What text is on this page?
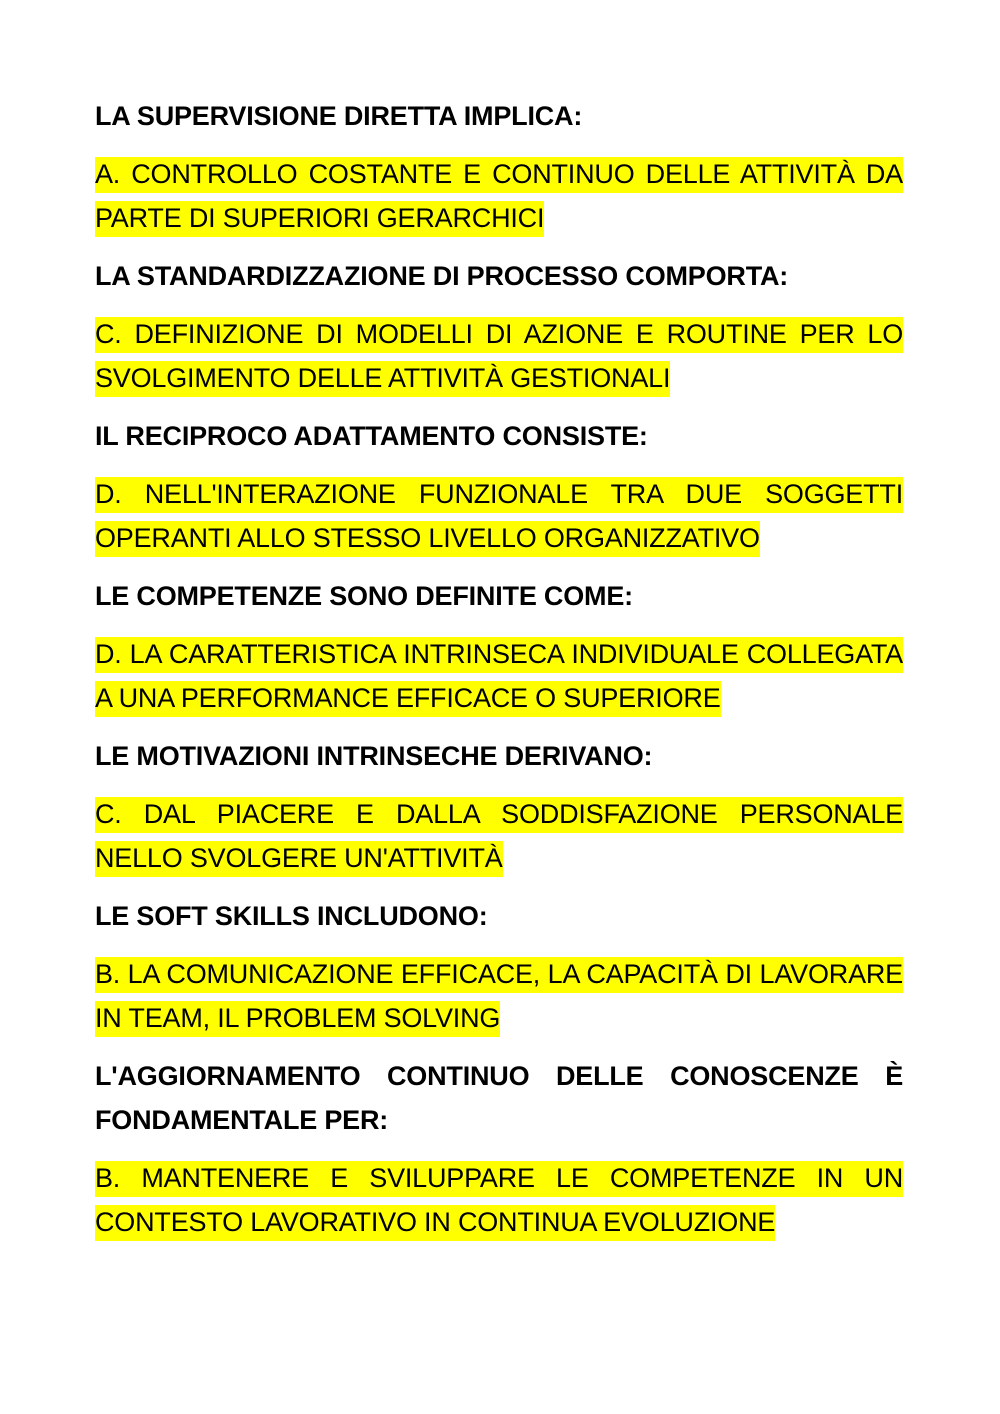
LA SUPERVISIONE DIRETTA IMPLICA:

A. CONTROLLO COSTANTE E CONTINUO DELLE ATTIVITÀ DA PARTE DI SUPERIORI GERARCHICI

LA STANDARDIZZAZIONE DI PROCESSO COMPORTA:

C. DEFINIZIONE DI MODELLI DI AZIONE E ROUTINE PER LO SVOLGIMENTO DELLE ATTIVITÀ GESTIONALI

IL RECIPROCO ADATTAMENTO CONSISTE:

D. NELL'INTERAZIONE FUNZIONALE TRA DUE SOGGETTI OPERANTI ALLO STESSO LIVELLO ORGANIZZATIVO

LE COMPETENZE SONO DEFINITE COME:

D. LA CARATTERISTICA INTRINSECA INDIVIDUALE COLLEGATA A UNA PERFORMANCE EFFICACE O SUPERIORE

LE MOTIVAZIONI INTRINSECHE DERIVANO:

C. DAL PIACERE E DALLA SODDISFAZIONE PERSONALE NELLO SVOLGERE UN'ATTIVITÀ

LE SOFT SKILLS INCLUDONO:

B. LA COMUNICAZIONE EFFICACE, LA CAPACITÀ DI LAVORARE IN TEAM, IL PROBLEM SOLVING

L'AGGIORNAMENTO CONTINUO DELLE CONOSCENZE È FONDAMENTALE PER:

B. MANTENERE E SVILUPPARE LE COMPETENZE IN UN CONTESTO LAVORATIVO IN CONTINUA EVOLUZIONE
